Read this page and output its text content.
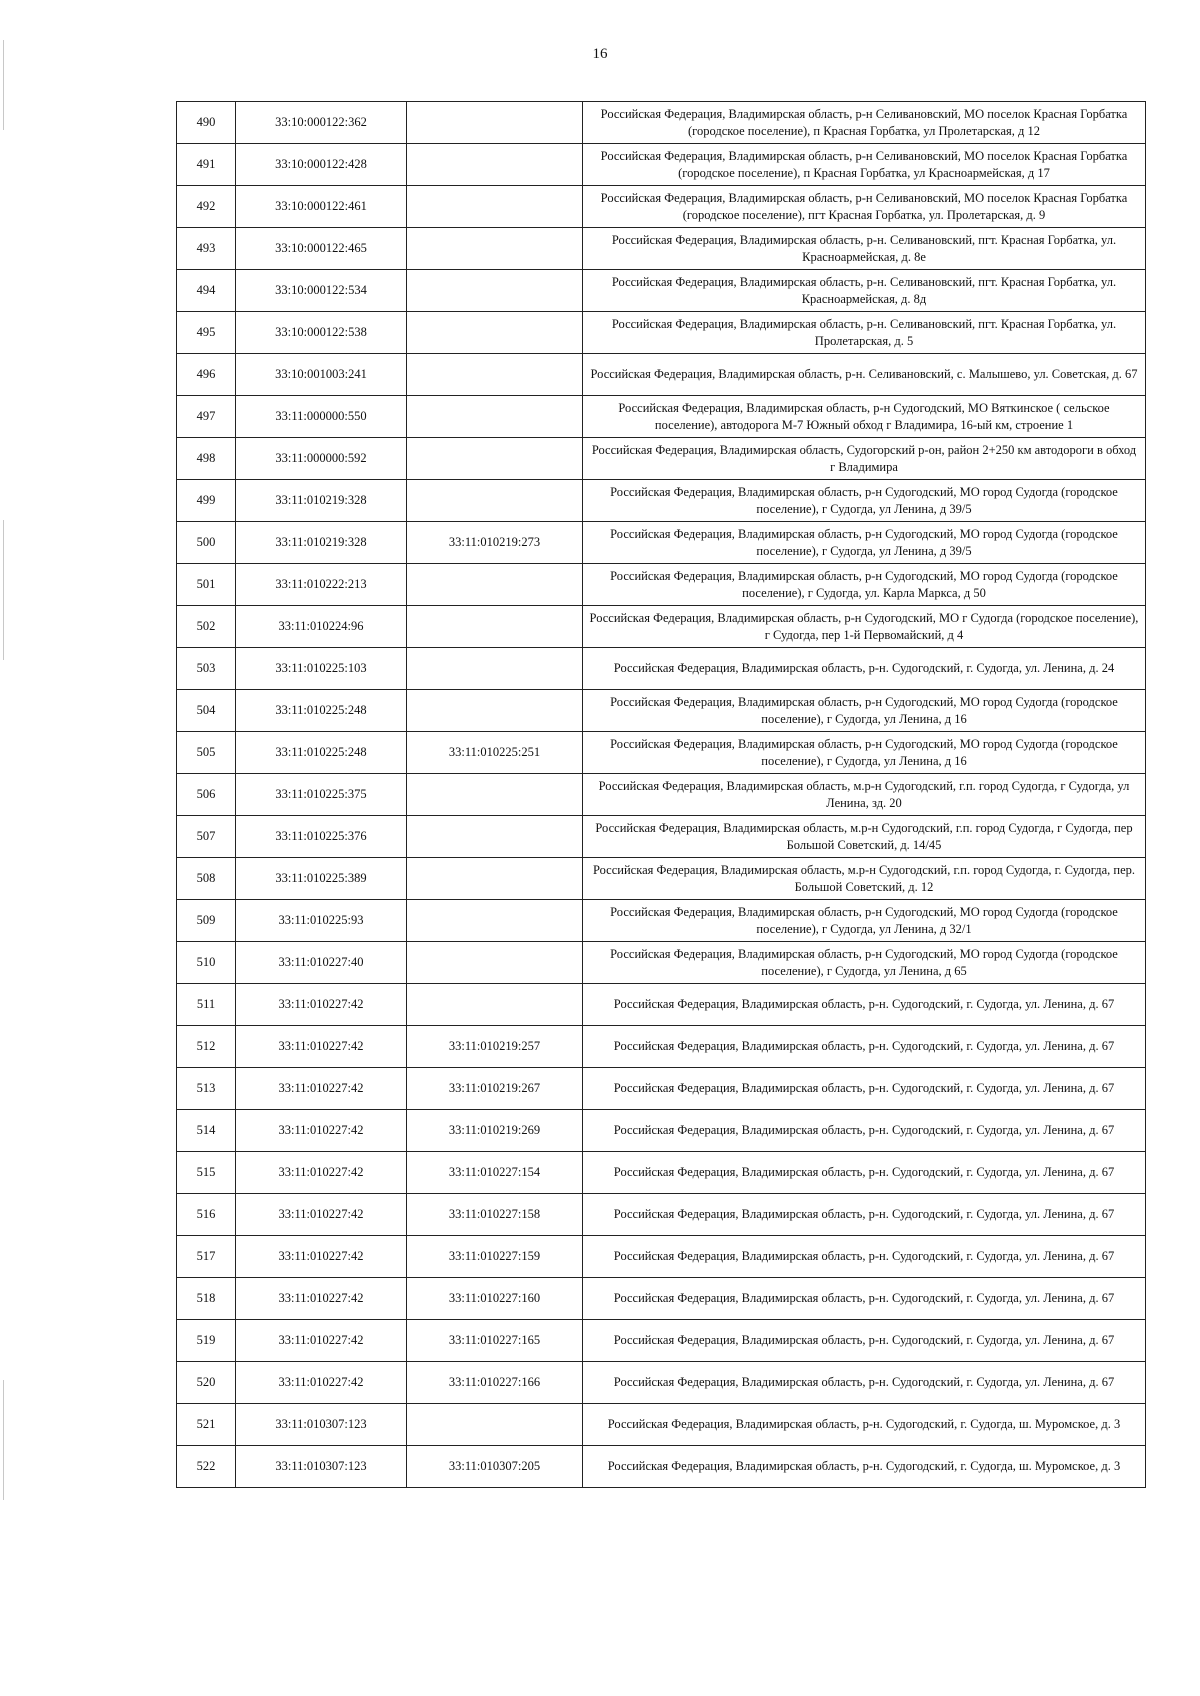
16
490	33:10:000122:362		Российская Федерация, Владимирская область, р-н Селивановский, МО поселок Красная Горбатка (городское поселение), п Красная Горбатка, ул Пролетарская, д 12
491	33:10:000122:428		Российская Федерация, Владимирская область, р-н Селивановский, МО поселок Красная Горбатка (городское поселение), п Красная Горбатка, ул Красноармейская, д 17
492	33:10:000122:461		Российская Федерация, Владимирская область, р-н Селивановский, МО поселок Красная Горбатка (городское поселение), пгт Красная Горбатка, ул. Пролетарская, д. 9
493	33:10:000122:465		Российская Федерация, Владимирская область, р-н. Селивановский, пгт. Красная Горбатка, ул. Красноармейская, д. 8е
494	33:10:000122:534		Российская Федерация, Владимирская область, р-н. Селивановский, пгт. Красная Горбатка, ул. Красноармейская, д. 8д
495	33:10:000122:538		Российская Федерация, Владимирская область, р-н. Селивановский, пгт. Красная Горбатка, ул. Пролетарская, д. 5
496	33:10:001003:241		Российская Федерация, Владимирская область, р-н. Селивановский, с. Малышево, ул. Советская, д. 67
497	33:11:000000:550		Российская Федерация, Владимирская область, р-н Судогодский, МО Вяткинское ( сельское поселение), автодорога М-7 Южный обход г Владимира, 16-ый км, строение 1
498	33:11:000000:592		Российская Федерация, Владимирская область, Судогорский р-он, район 2+250 км автодороги в обход г Владимира
499	33:11:010219:328		Российская Федерация, Владимирская область, р-н Судогодский, МО город Судогда (городское поселение), г Судогда, ул Ленина, д 39/5
500	33:11:010219:328	33:11:010219:273	Российская Федерация, Владимирская область, р-н Судогодский, МО город Судогда (городское поселение), г Судогда, ул Ленина, д 39/5
501	33:11:010222:213		Российская Федерация, Владимирская область, р-н Судогодский, МО город Судогда (городское поселение), г Судогда, ул. Карла Маркса, д 50
502	33:11:010224:96		Российская Федерация, Владимирская область, р-н Судогодский, МО г Судогда (городское поселение), г Судогда, пер 1-й Первомайский, д 4
503	33:11:010225:103		Российская Федерация, Владимирская область, р-н. Судогодский, г. Судогда, ул. Ленина, д. 24
504	33:11:010225:248		Российская Федерация, Владимирская область, р-н Судогодский, МО город Судогда (городское поселение), г Судогда, ул Ленина, д 16
505	33:11:010225:248	33:11:010225:251	Российская Федерация, Владимирская область, р-н Судогодский, МО город Судогда (городское поселение), г Судогда, ул Ленина, д 16
506	33:11:010225:375		Российская Федерация, Владимирская область, м.р-н Судогодский, г.п. город Судогда, г Судогда, ул Ленина, зд. 20
507	33:11:010225:376		Российская Федерация, Владимирская область, м.р-н Судогодский, г.п. город Судогда, г Судогда, пер Большой Советский, д. 14/45
508	33:11:010225:389		Российская Федерация, Владимирская область, м.р-н Судогодский, г.п. город Судогда, г. Судогда, пер. Большой Советский, д. 12
509	33:11:010225:93		Российская Федерация, Владимирская область, р-н Судогодский, МО город Судогда (городское поселение), г Судогда, ул Ленина, д 32/1
510	33:11:010227:40		Российская Федерация, Владимирская область, р-н Судогодский, МО город Судогда (городское поселение), г Судогда, ул Ленина, д 65
511	33:11:010227:42		Российская Федерация, Владимирская область, р-н. Судогодский, г. Судогда, ул. Ленина, д. 67
512	33:11:010227:42	33:11:010219:257	Российская Федерация, Владимирская область, р-н. Судогодский, г. Судогда, ул. Ленина, д. 67
513	33:11:010227:42	33:11:010219:267	Российская Федерация, Владимирская область, р-н. Судогодский, г. Судогда, ул. Ленина, д. 67
514	33:11:010227:42	33:11:010219:269	Российская Федерация, Владимирская область, р-н. Судогодский, г. Судогда, ул. Ленина, д. 67
515	33:11:010227:42	33:11:010227:154	Российская Федерация, Владимирская область, р-н. Судогодский, г. Судогда, ул. Ленина, д. 67
516	33:11:010227:42	33:11:010227:158	Российская Федерация, Владимирская область, р-н. Судогодский, г. Судогда, ул. Ленина, д. 67
517	33:11:010227:42	33:11:010227:159	Российская Федерация, Владимирская область, р-н. Судогодский, г. Судогда, ул. Ленина, д. 67
518	33:11:010227:42	33:11:010227:160	Российская Федерация, Владимирская область, р-н. Судогодский, г. Судогда, ул. Ленина, д. 67
519	33:11:010227:42	33:11:010227:165	Российская Федерация, Владимирская область, р-н. Судогодский, г. Судогда, ул. Ленина, д. 67
520	33:11:010227:42	33:11:010227:166	Российская Федерация, Владимирская область, р-н. Судогодский, г. Судогда, ул. Ленина, д. 67
521	33:11:010307:123		Российская Федерация, Владимирская область, р-н. Судогодский, г. Судогда, ш. Муромское, д. 3
522	33:11:010307:123	33:11:010307:205	Российская Федерация, Владимирская область, р-н. Судогодский, г. Судогда, ш. Муромское, д. 3
